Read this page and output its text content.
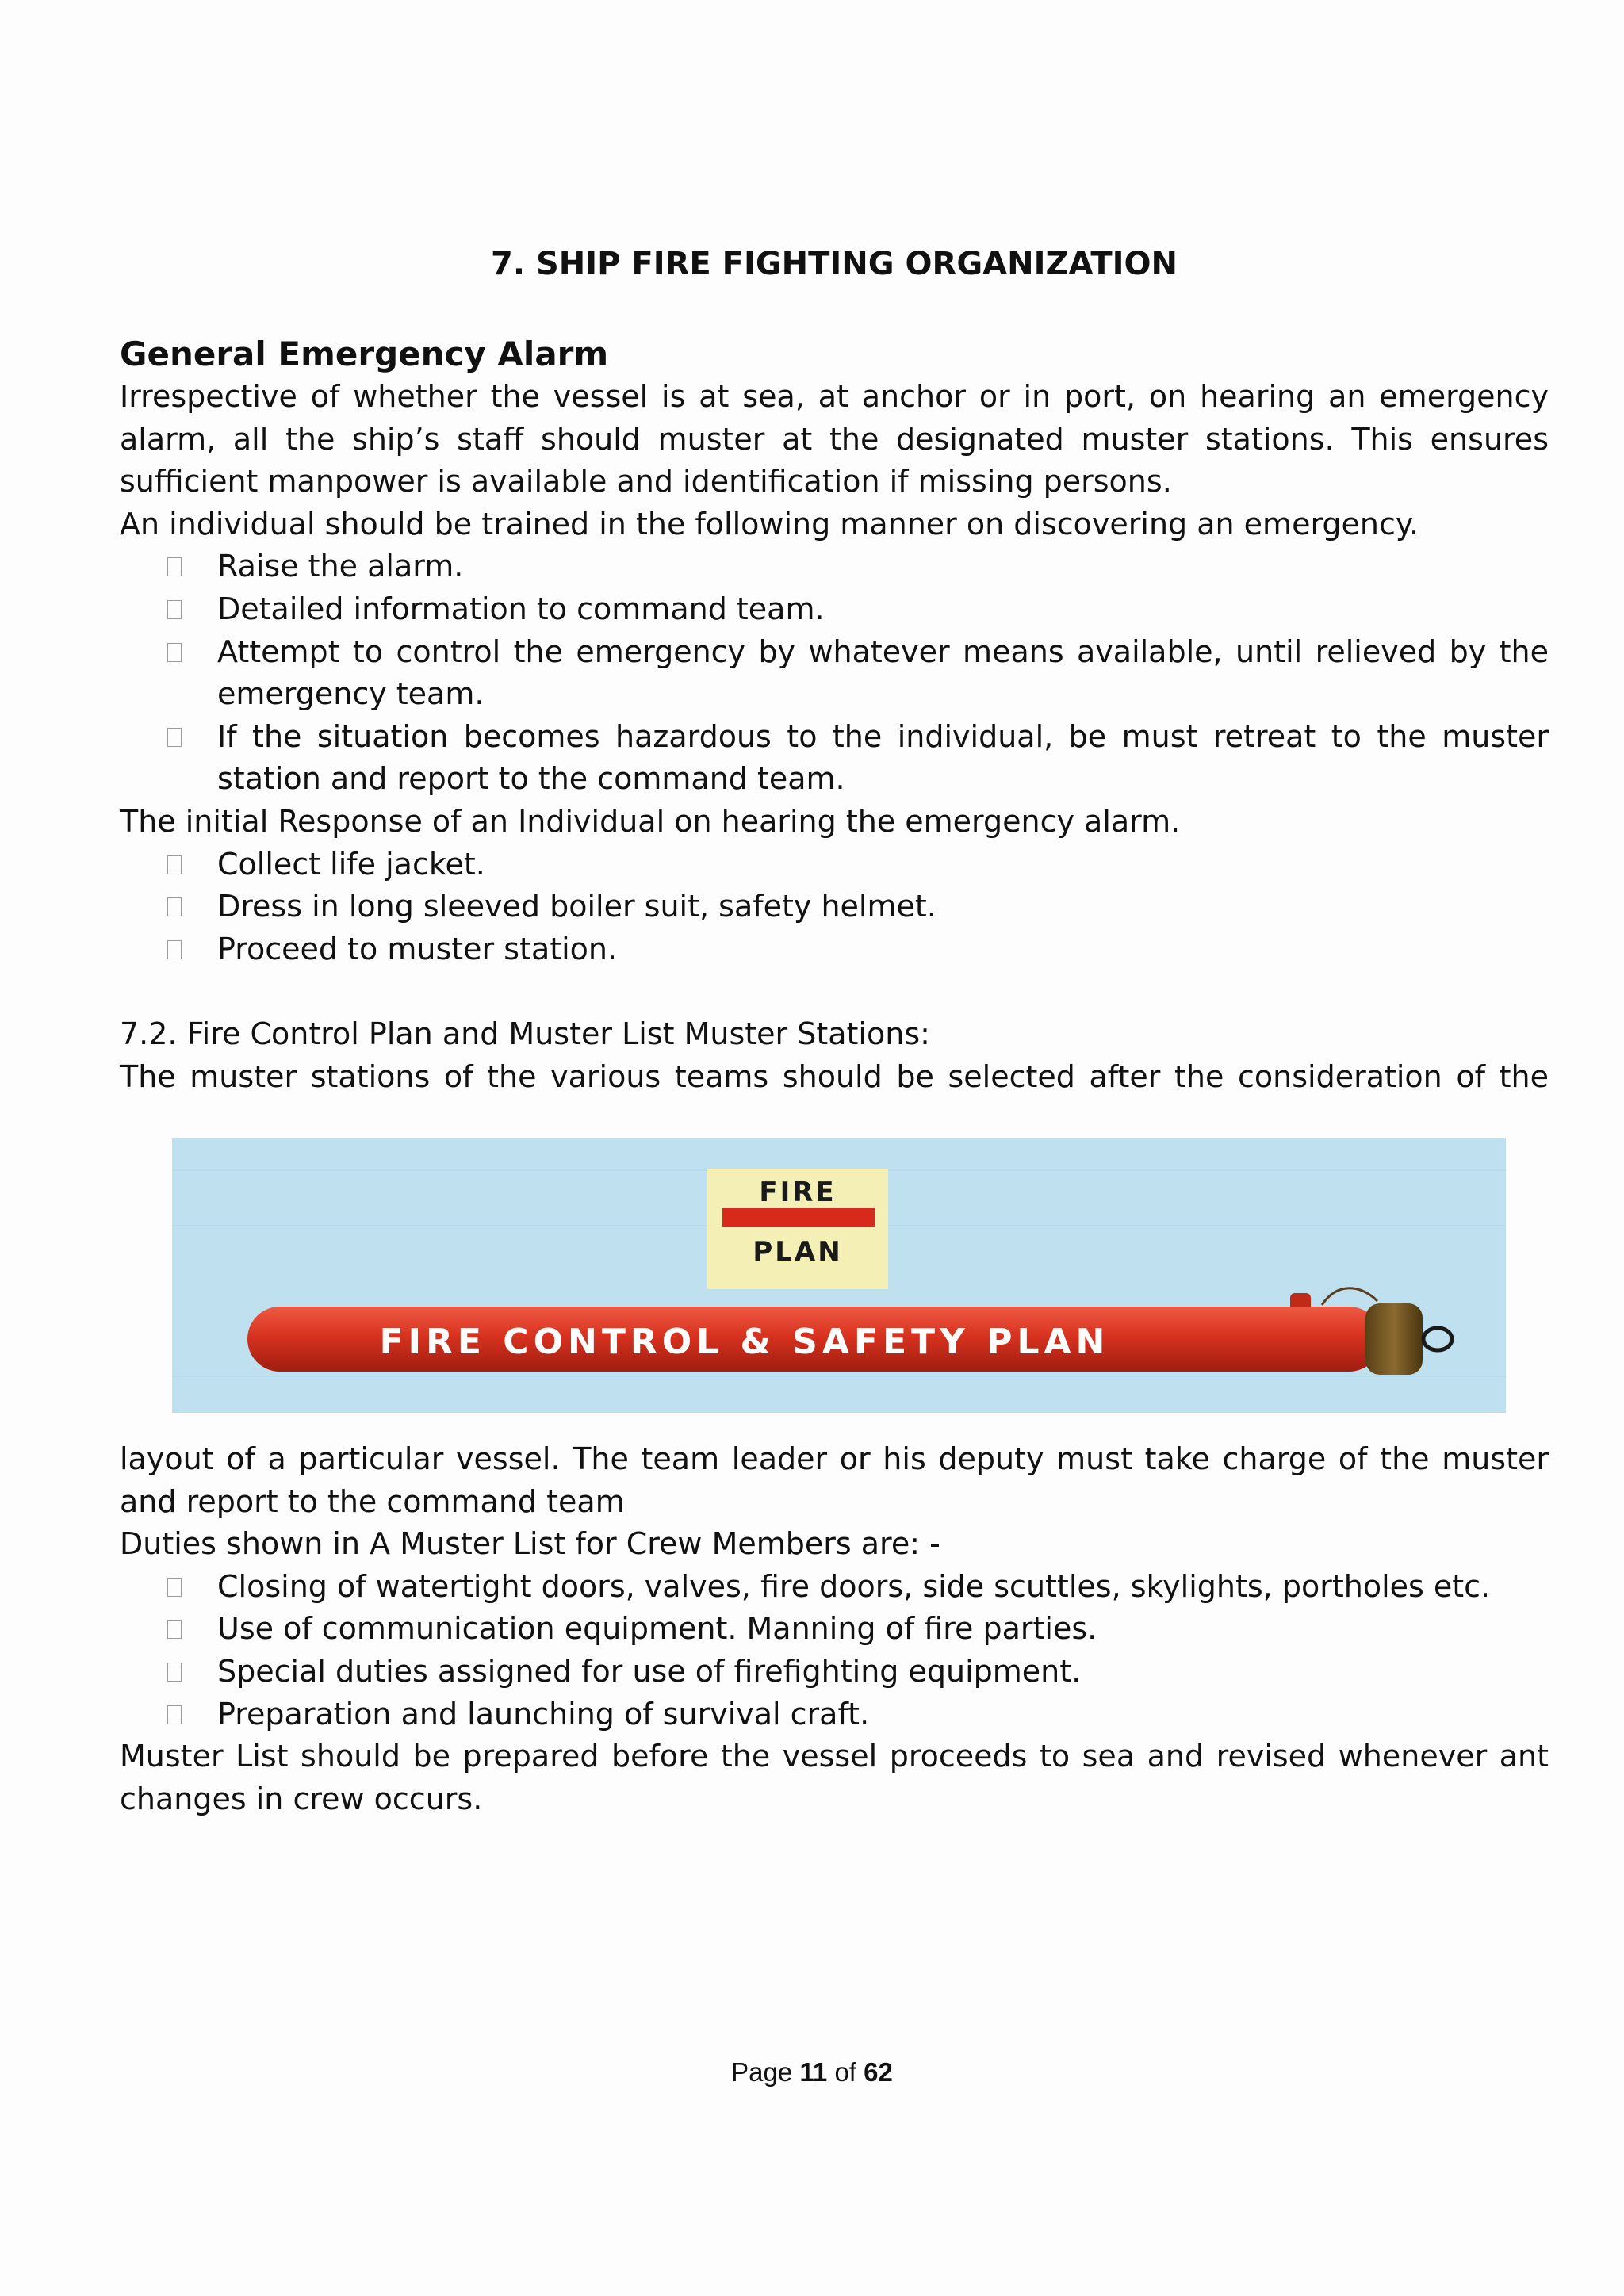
7. SHIP FIRE FIGHTING ORGANIZATION
General Emergency Alarm

Irrespective of whether the vessel is at sea, at anchor or in port, on hearing an emergency alarm, all the ship’s staff should muster at the designated muster stations. This ensures sufficient manpower is available and identification if missing persons.

An individual should be trained in the following manner on discovering an emergency.

Raise the alarm.
Detailed information to command team.
Attempt to control the emergency by whatever means available, until relieved by the emergency team.
If the situation becomes hazardous to the individual, be must retreat to the muster station and report to the command team.

The initial Response of an Individual on hearing the emergency alarm.

Collect life jacket.
Dress in long sleeved boiler suit, safety helmet.
Proceed to muster station.

7.2. Fire Control Plan and Muster List Muster Stations:

The muster stations of the various teams should be selected after the consideration of the

layout of a particular vessel. The team leader or his deputy must take charge of the muster and report to the command team

Duties shown in A Muster List for Crew Members are: -

Closing of watertight doors, valves, fire doors, side scuttles, skylights, portholes etc.
Use of communication equipment. Manning of fire parties.
Special duties assigned for use of firefighting equipment.
Preparation and launching of survival craft.

Muster List should be prepared before the vessel proceeds to sea and revised whenever ant changes in crew occurs.

FIRE
PLAN
FIRE CONTROL & SAFETY PLAN
Page 11 of 62
